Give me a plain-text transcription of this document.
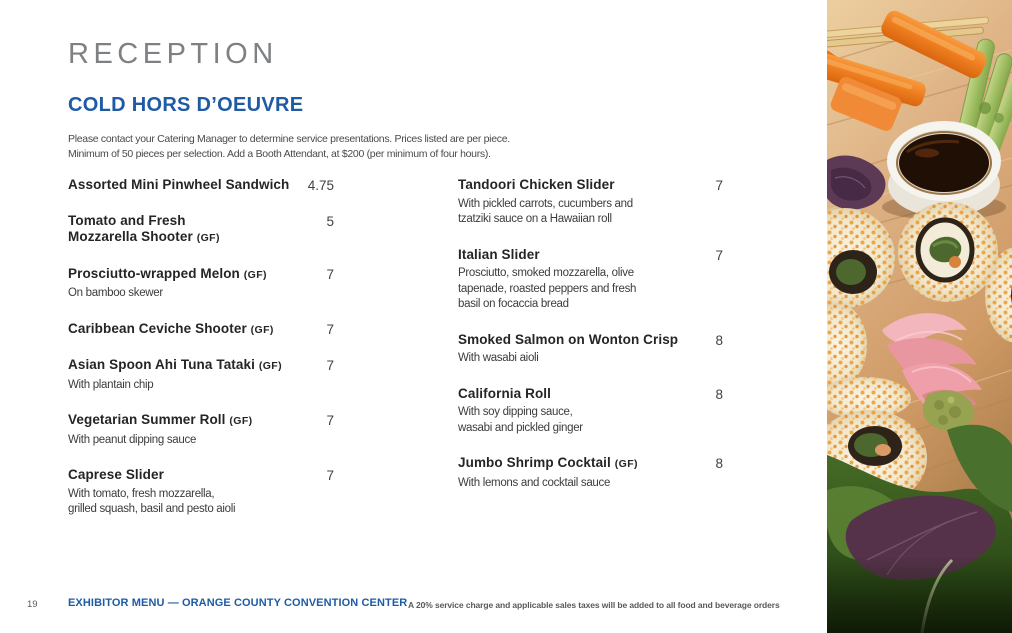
RECEPTION
COLD HORS D’OEUVRE
Please contact your Catering Manager to determine service presentations. Prices listed are per piece.
Minimum of 50 pieces per selection. Add a Booth Attendant, at $200 (per minimum of four hours).
Assorted Mini Pinwheel Sandwich 4.75
Tomato and Fresh
Mozzarella Shooter (GF)
5
Prosciutto-wrapped Melon (GF)	7
On bamboo skewer
Caribbean Ceviche Shooter (GF)	7
Asian Spoon Ahi Tuna Tataki (GF)	7
With plantain chip
Vegetarian Summer Roll (GF)	7
With peanut dipping sauce
Caprese Slider	7
With tomato, fresh mozzarella,
grilled squash, basil and pesto aioli
Tandoori Chicken Slider	7
With pickled carrots, cucumbers and
tzatziki sauce on a Hawaiian roll
Italian Slider	7
Prosciutto, smoked mozzarella, olive
tapenade, roasted peppers and fresh
basil on focaccia bread
Smoked Salmon on Wonton Crisp	8
With wasabi aioli
California Roll	8
With soy dipping sauce,
wasabi and pickled ginger
Jumbo Shrimp Cocktail (GF)	8
With lemons and cocktail sauce
19	EXHIBITOR MENU — ORANGE COUNTY CONVENTION CENTER A 20% service charge and applicable sales taxes will be added to all food and beverage orders
